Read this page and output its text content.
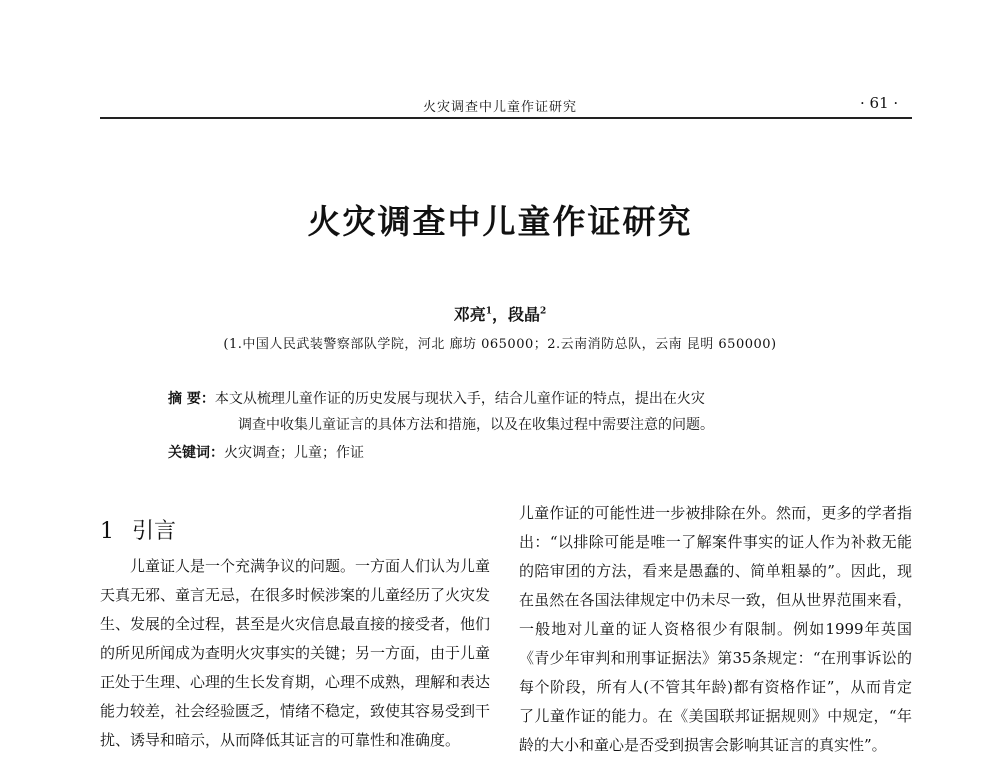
火灾调查中儿童作证研究	· 61 ·
火灾调查中儿童作证研究
邓亮$^1$，段晶$^2$
(1.中国人民武装警察部队学院，河北 廊坊 065000；2.云南消防总队，云南 昆明 650000)
摘 要：本文从梳理儿童作证的历史发展与现状入手，结合儿童作证的特点，提出在火灾
调查中收集儿童证言的具体方法和措施，以及在收集过程中需要注意的问题。
关键词：火灾调查；儿童；作证
1 引言

儿童证人是一个充满争议的问题。一方面人们认为儿童天真无邪、童言无忌，在很多时候涉案的儿童经历了火灾发生、发展的全过程，甚至是火灾信息最直接的接受者，他们的所见所闻成为查明火灾事实的关键；另一方面，由于儿童正处于生理、心理的生长发育期，心理不成熟，理解和表达能力较差，社会经验匮乏，情绪不稳定，致使其容易受到干扰、诱导和暗示，从而降低其证言的可靠性和准确度。

儿童作证的可能性进一步被排除在外。然而，更多的学者指出：“以排除可能是唯一了解案件事实的证人作为补救无能的陪审团的方法，看来是愚蠢的、简单粗暴的”。因此，现在虽然在各国法律规定中仍未尽一致，但从世界范围来看，一般地对儿童的证人资格很少有限制。例如1999年英国《青少年审判和刑事证据法》第35条规定：“在刑事诉讼的每个阶段，所有人(不管其年龄)都有资格作证”，从而肯定了儿童作证的能力。在《美国联邦证据规则》中规定，“年龄的大小和童心是否受到损害会影响其证言的真实性”。
